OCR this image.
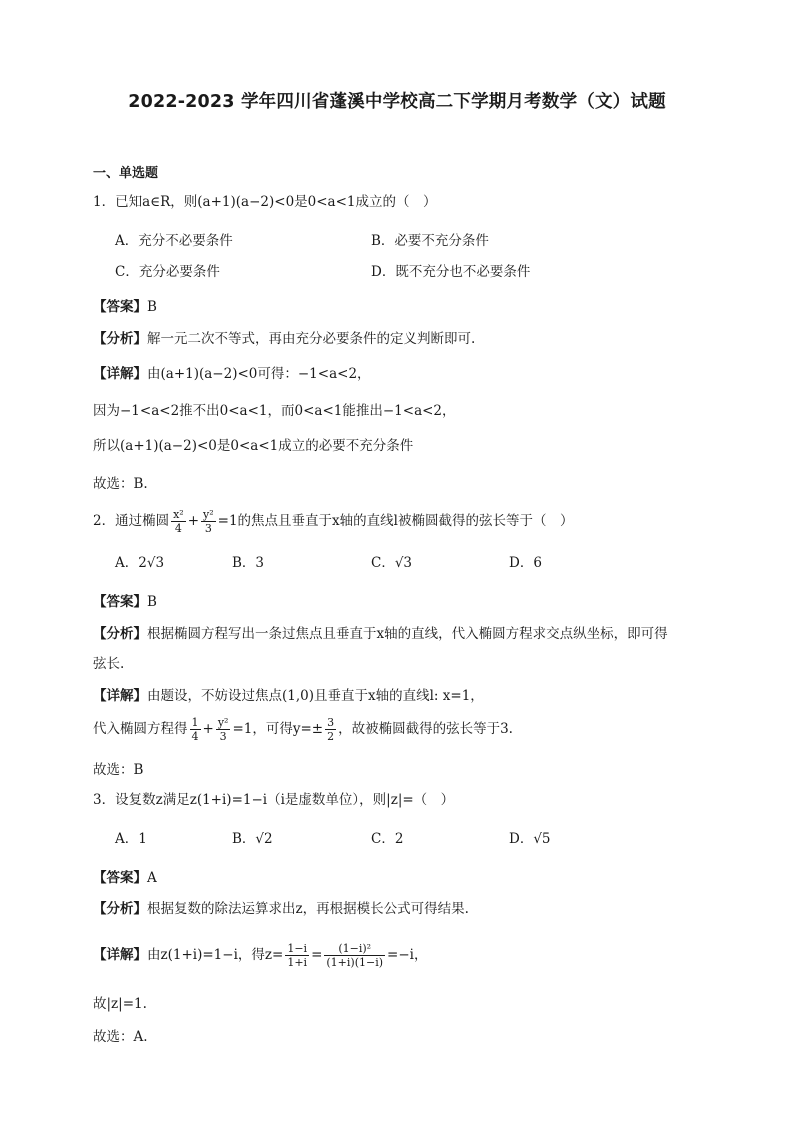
2022-2023 学年四川省蓬溪中学校高二下学期月考数学（文）试题
一、单选题
1．已知a∈R，则(a+1)(a−2)<0是0<a<1成立的（　）
A．充分不必要条件	B．必要不充分条件
C．充分必要条件	D．既不充分也不必要条件
【答案】B
【分析】解一元二次不等式，再由充分必要条件的定义判断即可.
【详解】由(a+1)(a−2)<0可得：−1<a<2，
因为−1<a<2推不出0<a<1，而0<a<1能推出−1<a<2，
所以(a+1)(a−2)<0是0<a<1成立的必要不充分条件
故选：B.
2．通过椭圆 $\frac{\text{x²}}{4} + \frac{\text{y²}}{3} =1$的焦点且垂直于x轴的直线l被椭圆截得的弦长等于（　）
A．2√3	B．3	C．√3	D．6
【答案】B
【分析】根据椭圆方程写出一条过焦点且垂直于x轴的直线，代入椭圆方程求交点纵坐标，即可得
弦长.
【详解】由题设，不妨设过焦点(1,0)且垂直于x轴的直线l: x=1，
代入椭圆方程得 $\frac{1}{4} + \frac{\text{y²}}{3} =1$，可得$y=\pm \frac{3}{2}$ ，故被椭圆截得的弦长等于3.
故选：B
3．设复数z满足z(1+i)=1−i（i是虚数单位），则|z|=（　）
A．1	B．√2	C．2	D．√5
【答案】A
【分析】根据复数的除法运算求出z，再根据模长公式可得结果.
【详解】由z(1+i)=1−i，得$z= \frac{1-i}{1+i} = \frac{\text{(1−i)²}}{(1+i)(1-i)} =-i$，
故|z|=1.
故选：A.
